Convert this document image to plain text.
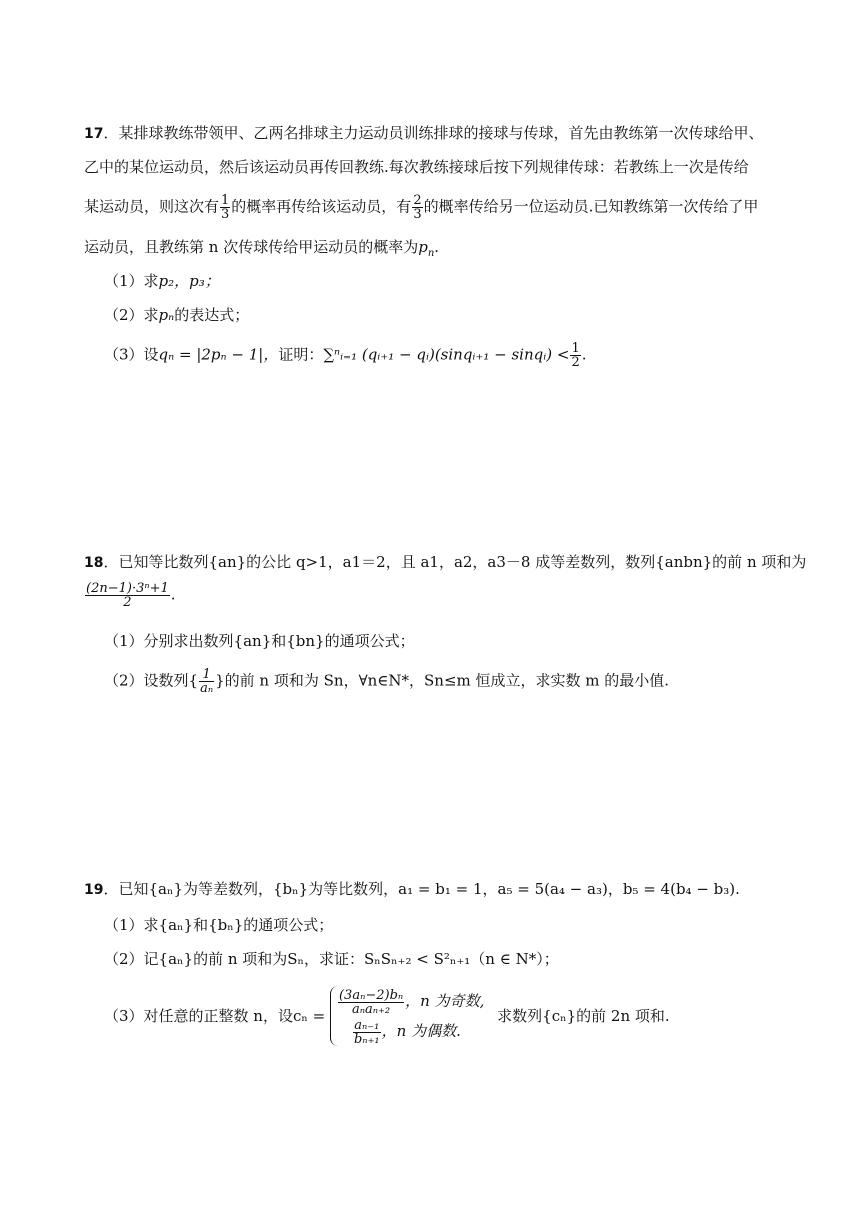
17．某排球教练带领甲、乙两名排球主力运动员训练排球的接球与传球，首先由教练第一次传球给甲、
乙中的某位运动员，然后该运动员再传回教练.每次教练接球后按下列规律传球：若教练上一次是传给
某运动员，则这次有 $\frac{1}{3}$ 的概率再传给该运动员，有 $\frac{2}{3}$ 的概率传给另一位运动员.已知教练第一次传给了甲
运动员，且教练第 n 次传球传给甲运动员的概率为$p_n$.
（1）求p₂，p₃；
（2）求pₙ的表达式；
（3）设qₙ = |2pₙ − 1|，证明：∑ⁿᵢ₌₁ (qᵢ₊₁ − qᵢ)(sinqᵢ₊₁ − sinqᵢ) < $\frac{1}{2}$ .
18．已知等比数列{an}的公比 q>1，a1＝2，且 a1，a2，a3－8 成等差数列，数列{anbn}的前 n 项和为
$\frac{\text{(2n−1)·3ⁿ+1}}{2}$ .
（1）分别求出数列{an}和{bn}的通项公式；
（2）设数列{ $\frac{1}{\text{aₙ}}$ }的前 n 项和为 Sn，∀n∈N*，Sn≤m 恒成立，求实数 m 的最小值.
19．已知{aₙ}为等差数列，{bₙ}为等比数列，a₁ = b₁ = 1，a₅ = 5(a₄ − a₃)，b₅ = 4(b₄ − b₃).
（1）求{aₙ}和{bₙ}的通项公式；
（2）记{aₙ}的前 n 项和为Sₙ，求证：SₙSₙ₊₂ < S²ₙ₊₁（n ∈ N*）；
（3）对任意的正整数 n，设cₙ =
$\frac{\text{(3aₙ−2)bₙ}}{\text{aₙaₙ₊₂}}$ ，n 为奇数,
$\frac{\text{aₙ₋₁}}{\text{bₙ₊₁}}$ ，n 为偶数.
求数列{cₙ}的前 2n 项和.
